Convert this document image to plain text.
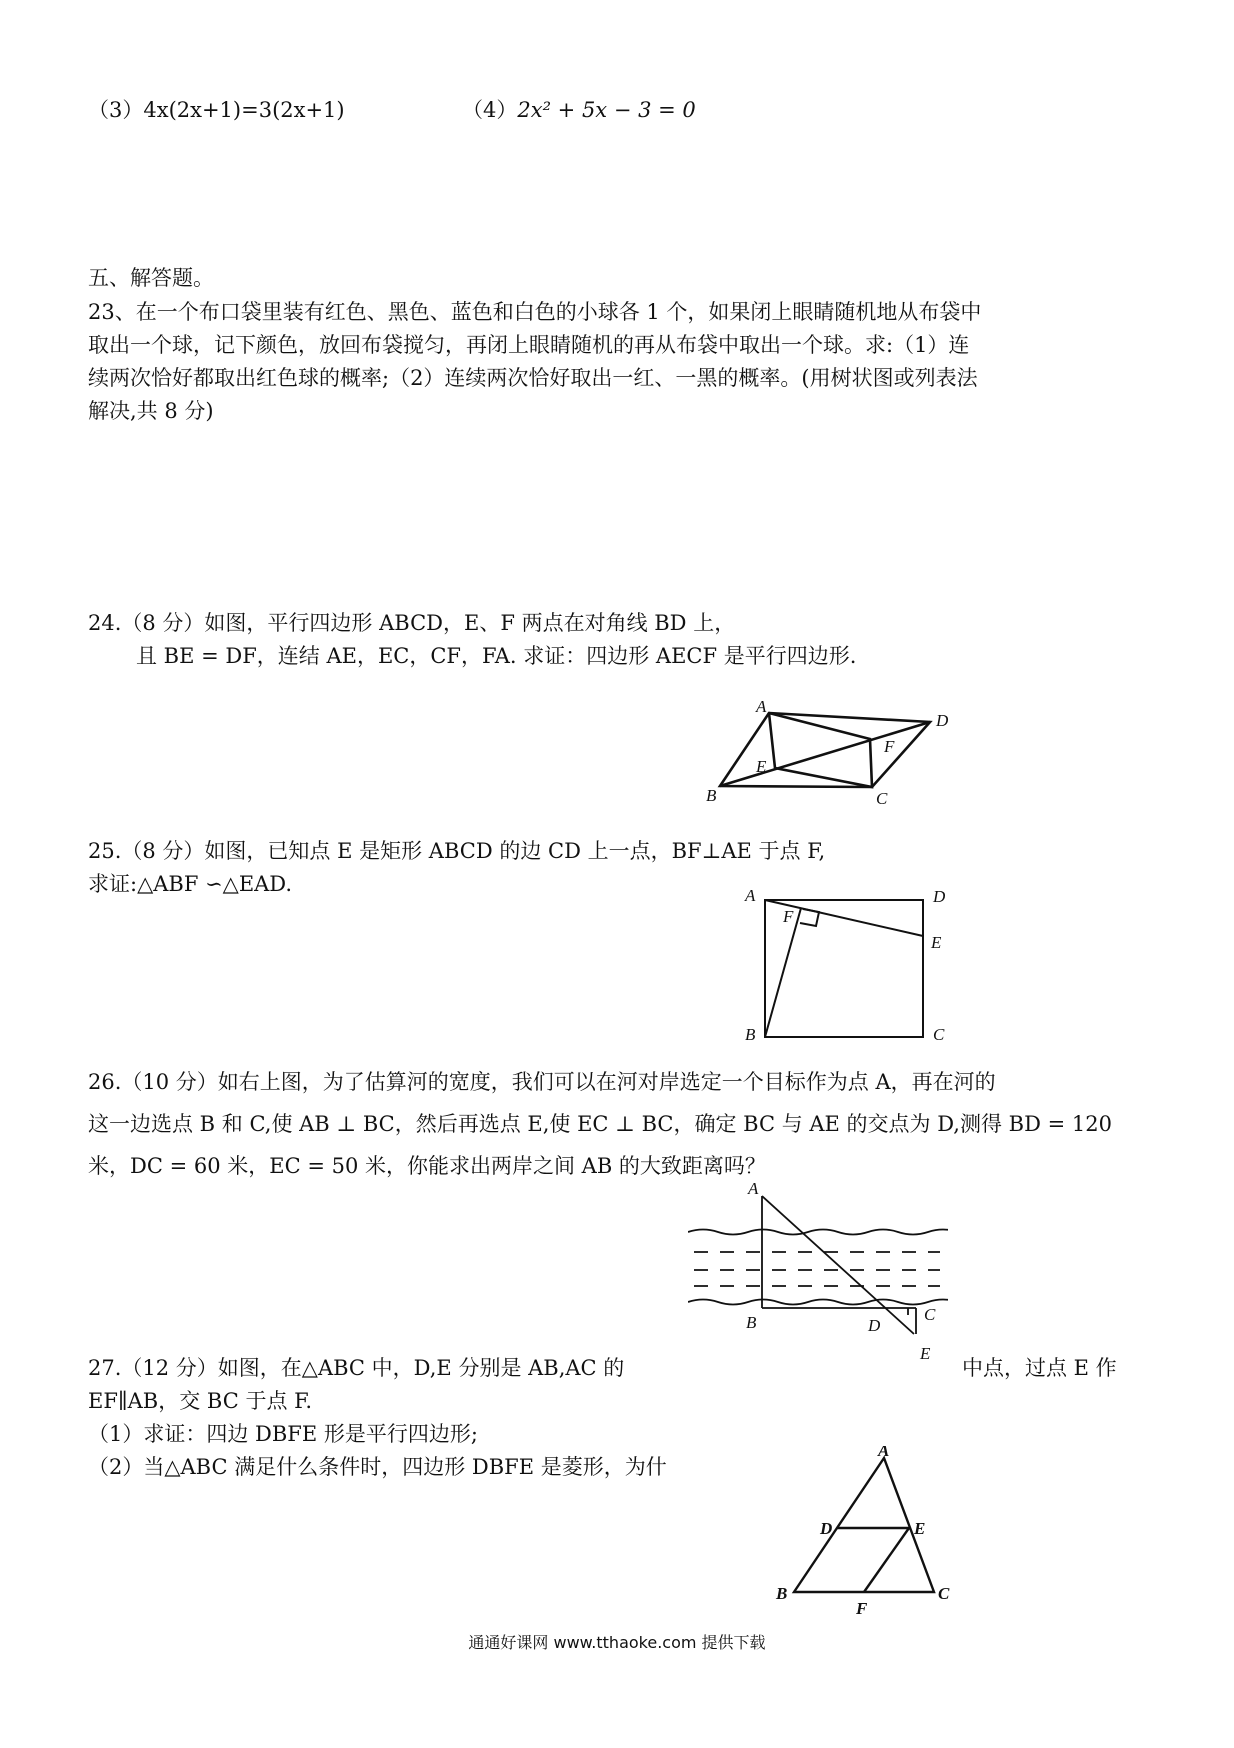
（3）4x(2x+1)=3(2x+1)	（4）2x² + 5x − 3 = 0
五、解答题。
23、在一个布口袋里装有红色、黑色、蓝色和白色的小球各 1 个，如果闭上眼睛随机地从布袋中
取出一个球，记下颜色，放回布袋搅匀，再闭上眼睛随机的再从布袋中取出一个球。求:（1）连
续两次恰好都取出红色球的概率;（2）连续两次恰好取出一红、一黑的概率。(用树状图或列表法
解决,共 8 分)
24.（8 分）如图，平行四边形 ABCD，E、F 两点在对角线 BD 上，
且 BE = DF，连结 AE，EC，CF，FA. 求证：四边形 AECF 是平行四边形.
A
D
B	C
E
F
25.（8 分）如图，已知点 E 是矩形 ABCD 的边 CD 上一点，BF⊥AE 于点 F,
求证:△ABF ∽△EAD.	A	D
F
E
B	C
26.（10 分）如右上图，为了估算河的宽度，我们可以在河对岸选定一个目标作为点 A，再在河的
这一边选点 B 和 C,使 AB ⊥ BC，然后再选点 E,使 EC ⊥ BC，确定 BC 与 AE 的交点为 D,测得 BD = 120
米，DC = 60 米，EC = 50 米，你能求出两岸之间 AB 的大致距离吗？
A
B	D
C
E
27.（12 分）如图，在△ABC 中，D,E 分别是 AB,AC 的	中点，过点 E 作
EF∥AB，交 BC 于点 F.
（1）求证：四边 DBFE 形是平行四边形;
（2）当△ABC 满足什么条件时，四边形 DBFE 是菱形，为什
A
D	E
B	C
F
通通好课网 www.tthaoke.com 提供下载
